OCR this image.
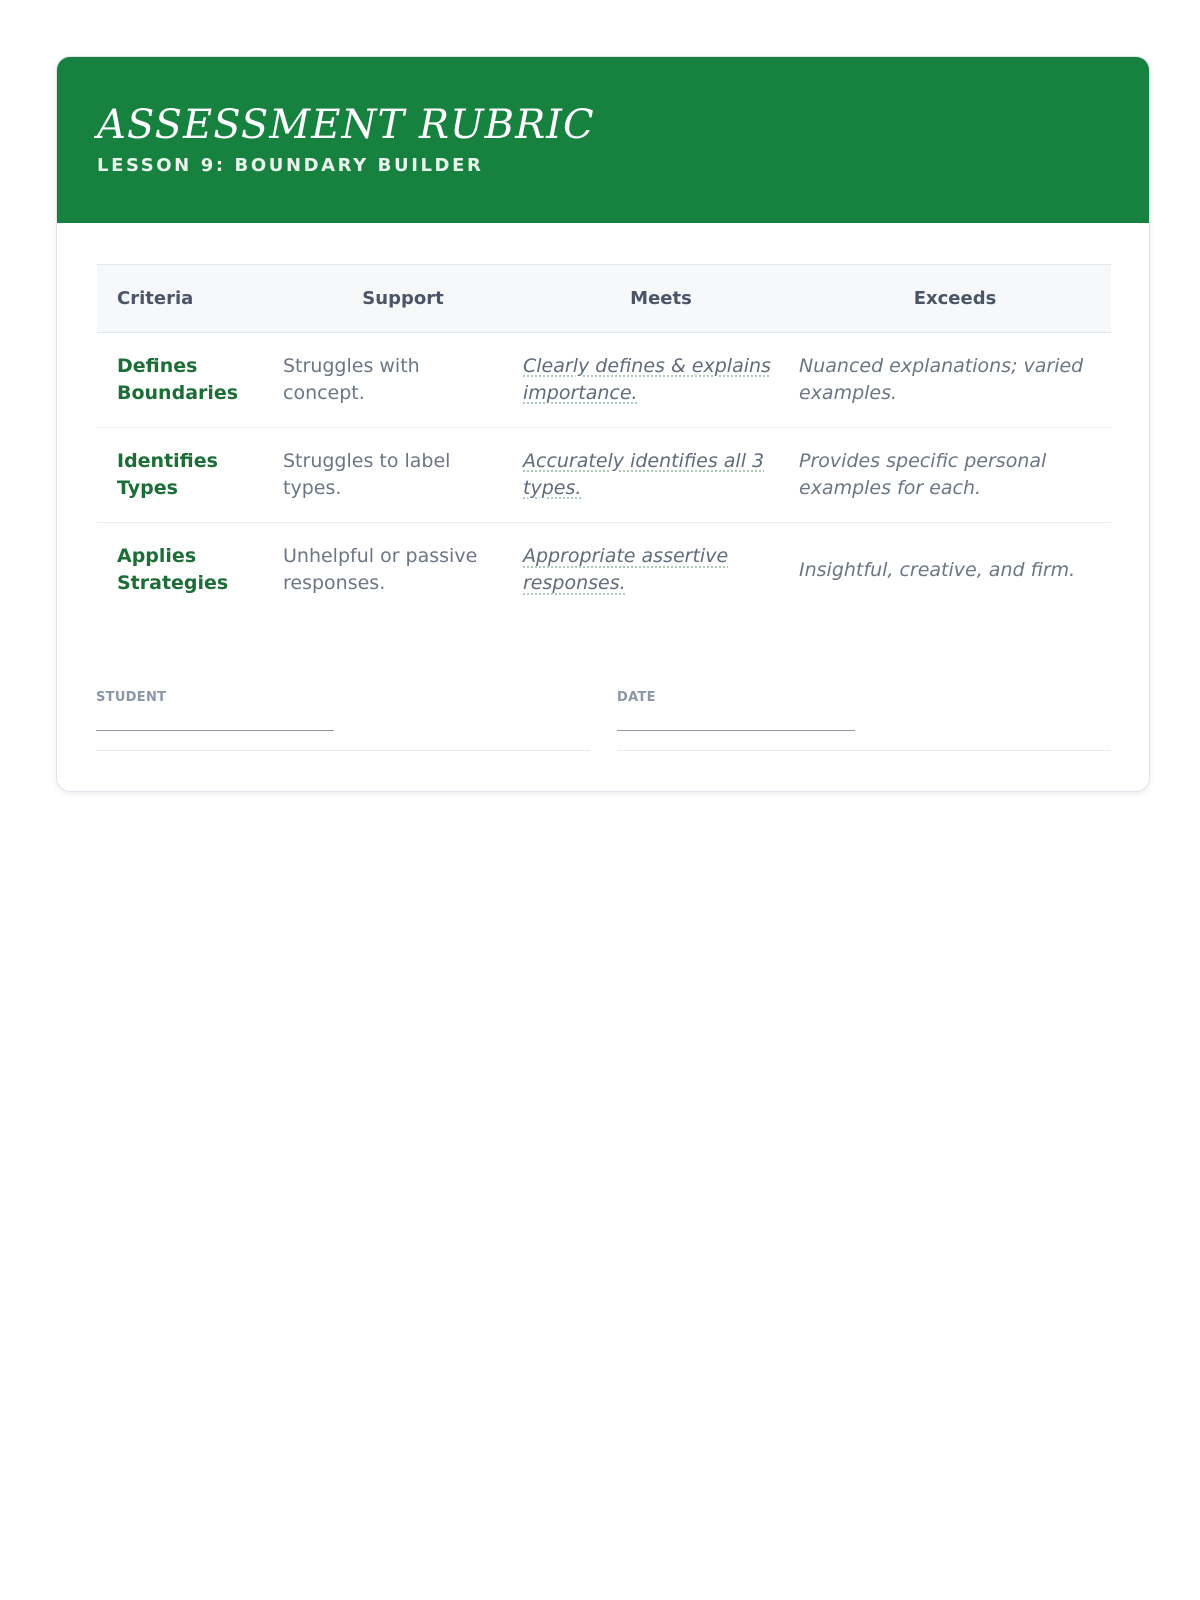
ASSESSMENT RUBRIC
LESSON 9: BOUNDARY BUILDER
Criteria	Support	Meets	Exceeds
Defines Boundaries	Struggles with concept.	Clearly defines & explains importance.	Nuanced explanations; varied examples.
Identifies Types	Struggles to label types.	Accurately identifies all 3 types.	Provides specific personal examples for each.
Applies Strategies	Unhelpful or passive responses.	Appropriate assertive responses.	Insightful, creative, and firm.
STUDENT
__________________________
DATE
__________________________
